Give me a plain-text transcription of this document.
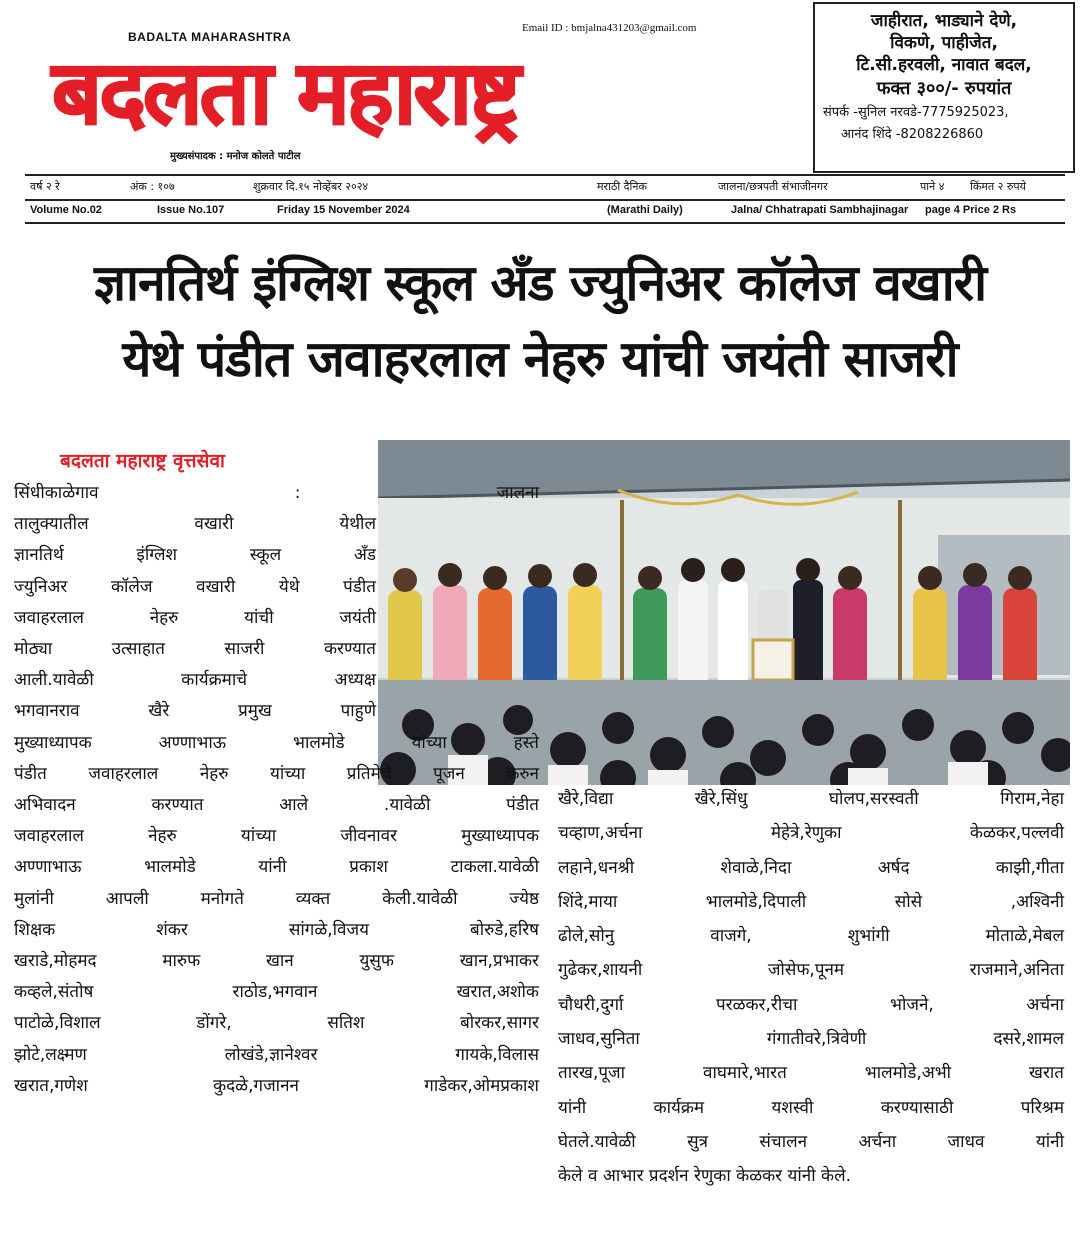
BADALTA MAHARASHTRA
Email ID : bmjalna431203@gmail.com
बदलता महाराष्ट्र
मुख्यसंपादक : मनोज कोलते पाटील
जाहीरात, भाड्याने देणे,
विकणे, पाहीजेत,
टि.सी.हरवली, नावात बदल,
फक्त ३००/- रुपयांत
संपर्क -सुनिल नरवडे-7775925023,
आनंद शिंदे -8208226860
वर्ष २ रे	अंक : १०७	शुक्रवार दि.१५ नोव्हेंबर २०२४	मराठी दैनिक	जालना/छत्रपती संभाजीनगर	पाने ४ किंमत २ रुपये
Volume No.02	Issue No.107	Friday 15 November 2024	(Marathi Daily)	Jalna/ Chhatrapati Sambhajinagar page 4 Price 2 Rs
ज्ञानतिर्थ इंग्लिश स्कूल अँड ज्युनिअर कॉलेज वखारी
येथे पंडीत जवाहरलाल नेहरु यांची जयंती साजरी
बदलता महाराष्ट्र वृत्तसेवा

सिंधीकाळेगाव : जालना

तालुक्यातील वखारी येथील

ज्ञानतिर्थ इंग्लिश स्कूल अँड

ज्युनिअर कॉलेज वखारी येथे पंडीत

जवाहरलाल नेहरु यांची जयंती

मोठ्या उत्साहात साजरी करण्यात

आली.यावेळी कार्यक्रमाचे अध्यक्ष

भगवानराव खैरे प्रमुख पाहुणे

मुख्याध्यापक अण्णाभाऊ भालमोडे यांच्या हस्ते

पंडीत जवाहरलाल नेहरु यांच्या प्रतिमेचे पूजन करुन

अभिवादन करण्यात आले .यावेळी पंडीत

जवाहरलाल नेहरु यांच्या जीवनावर मुख्याध्यापक

अण्णाभाऊ भालमोडे यांनी प्रकाश टाकला.यावेळी

मुलांनी आपली मनोगते व्यक्त केली.यावेळी ज्येष्ठ

शिक्षक शंकर सांगळे,विजय बोरुडे,हरिष

खराडे,मोहमद मारुफ खान युसुफ खान,प्रभाकर

कव्हले,संतोष राठोड,भगवान खरात,अशोक

पाटोळे,विशाल डोंगरे, सतिश बोरकर,सागर

झोटे,लक्ष्मण लोखंडे,ज्ञानेश्वर गायके,विलास

खरात,गणेश कुदळे,गजानन गाडेकर,ओमप्रकाश

खैरे,विद्या खैरे,सिंधु घोलप,सरस्वती गिराम,नेहा

चव्हाण,अर्चना मेहेत्रे,रेणुका केळकर,पल्लवी

लहाने,धनश्री शेवाळे,निदा अर्षद काझी,गीता

शिंदे,माया भालमोडे,दिपाली सोसे ,अश्विनी

ढोले,सोनु वाजगे, शुभांगी मोताळे,मेबल

गुढेकर,शायनी जोसेफ,पूनम राजमाने,अनिता

चौधरी,दुर्गा परळकर,रीचा भोजने, अर्चना

जाधव,सुनिता गंगातीवरे,त्रिवेणी दसरे,शामल

तारख,पूजा वाघमारे,भारत भालमोडे,अभी खरात

यांनी कार्यक्रम यशस्वी करण्यासाठी परिश्रम

घेतले.यावेळी सुत्र संचालन अर्चना जाधव यांनी

केले व आभार प्रदर्शन रेणुका केळकर यांनी केले.
